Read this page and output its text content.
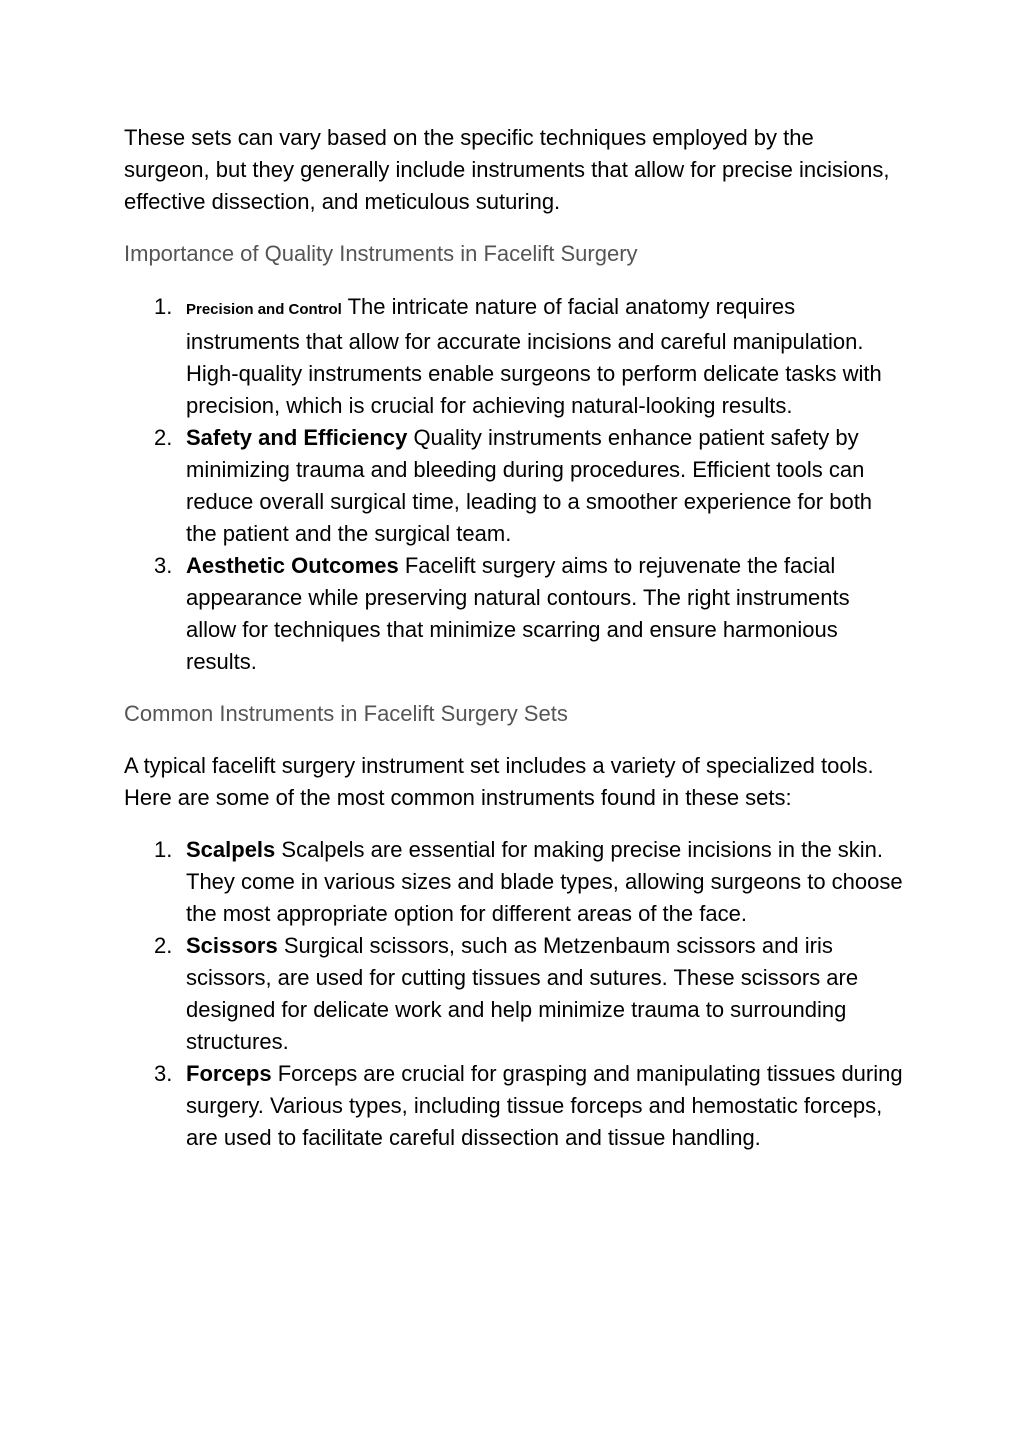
These sets can vary based on the specific techniques employed by the surgeon, but they generally include instruments that allow for precise incisions, effective dissection, and meticulous suturing.

Importance of Quality Instruments in Facelift Surgery
1. Precision and Control The intricate nature of facial anatomy requires instruments that allow for accurate incisions and careful manipulation. High-quality instruments enable surgeons to perform delicate tasks with precision, which is crucial for achieving natural-looking results.
2. Safety and Efficiency Quality instruments enhance patient safety by minimizing trauma and bleeding during procedures. Efficient tools can reduce overall surgical time, leading to a smoother experience for both the patient and the surgical team.
3. Aesthetic Outcomes Facelift surgery aims to rejuvenate the facial appearance while preserving natural contours. The right instruments allow for techniques that minimize scarring and ensure harmonious results.
Common Instruments in Facelift Surgery Sets

A typical facelift surgery instrument set includes a variety of specialized tools. Here are some of the most common instruments found in these sets:

1. Scalpels Scalpels are essential for making precise incisions in the skin. They come in various sizes and blade types, allowing surgeons to choose the most appropriate option for different areas of the face.
2. Scissors Surgical scissors, such as Metzenbaum scissors and iris scissors, are used for cutting tissues and sutures. These scissors are designed for delicate work and help minimize trauma to surrounding structures.
3. Forceps Forceps are crucial for grasping and manipulating tissues during surgery. Various types, including tissue forceps and hemostatic forceps, are used to facilitate careful dissection and tissue handling.
